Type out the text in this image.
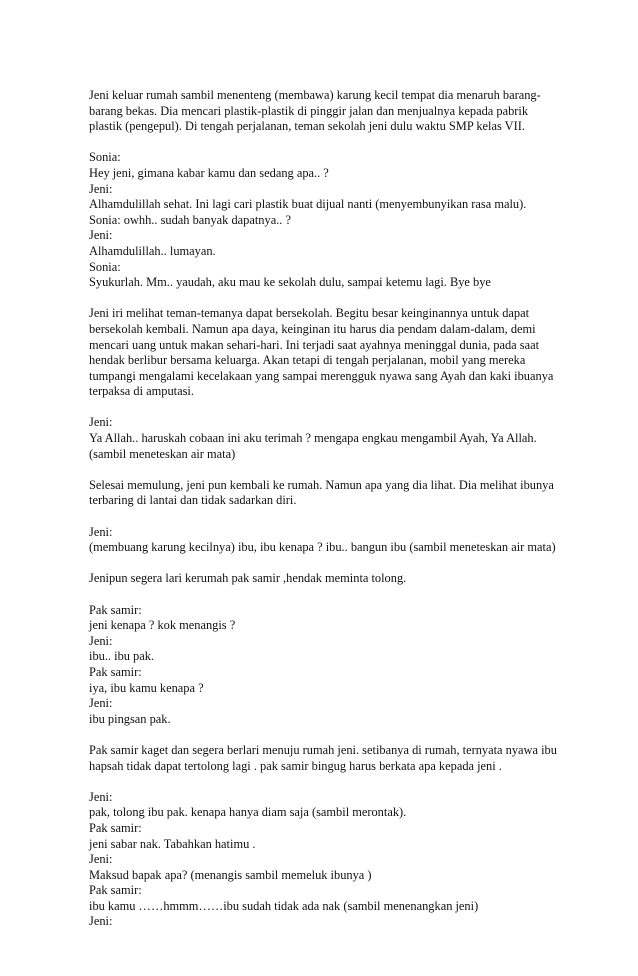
Jeni keluar rumah sambil menenteng (membawa) karung kecil tempat dia menaruh barang-
barang bekas. Dia mencari plastik-plastik di pinggir jalan dan menjualnya kepada pabrik
plastik (pengepul). Di tengah perjalanan, teman sekolah jeni dulu waktu SMP kelas VII.
Sonia:
Hey jeni, gimana kabar kamu dan sedang apa.. ?
Jeni:
Alhamdulillah sehat. Ini lagi cari plastik buat dijual nanti (menyembunyikan rasa malu).
Sonia: owhh.. sudah banyak dapatnya.. ?
Jeni:
Alhamdulillah.. lumayan.
Sonia:
Syukurlah. Mm.. yaudah, aku mau ke sekolah dulu, sampai ketemu lagi. Bye bye
Jeni iri melihat teman-temanya dapat bersekolah. Begitu besar keinginannya untuk dapat
bersekolah kembali. Namun apa daya, keinginan itu harus dia pendam dalam-dalam, demi
mencari uang untuk makan sehari-hari. Ini terjadi saat ayahnya meninggal dunia, pada saat
hendak berlibur bersama keluarga. Akan tetapi di tengah perjalanan, mobil yang mereka
tumpangi mengalami kecelakaan yang sampai merengguk nyawa sang Ayah dan kaki ibuanya
terpaksa di amputasi.
Jeni:
Ya Allah.. haruskah cobaan ini aku terimah ? mengapa engkau mengambil Ayah, Ya Allah.
(sambil meneteskan air mata)
Selesai memulung, jeni pun kembali ke rumah. Namun apa yang dia lihat. Dia melihat ibunya
terbaring di lantai dan tidak sadarkan diri.
Jeni:
(membuang karung kecilnya) ibu, ibu kenapa ? ibu.. bangun ibu (sambil meneteskan air mata)
Jenipun segera lari kerumah pak samir ,hendak meminta tolong.
Pak samir:
jeni kenapa ? kok menangis ?
Jeni:
ibu.. ibu pak.
Pak samir:
iya, ibu kamu kenapa ?
Jeni:
ibu pingsan pak.
Pak samir kaget dan segera berlari menuju rumah jeni. setibanya di rumah, ternyata nyawa ibu
hapsah tidak dapat tertolong lagi . pak samir bingug harus berkata apa kepada jeni .
Jeni:
pak, tolong ibu pak. kenapa hanya diam saja (sambil merontak).
Pak samir:
jeni sabar nak. Tabahkan hatimu .
Jeni:
Maksud bapak apa? (menangis sambil memeluk ibunya )
Pak samir:
ibu kamu ……hmmm……ibu sudah tidak ada nak (sambil menenangkan jeni)
Jeni:
